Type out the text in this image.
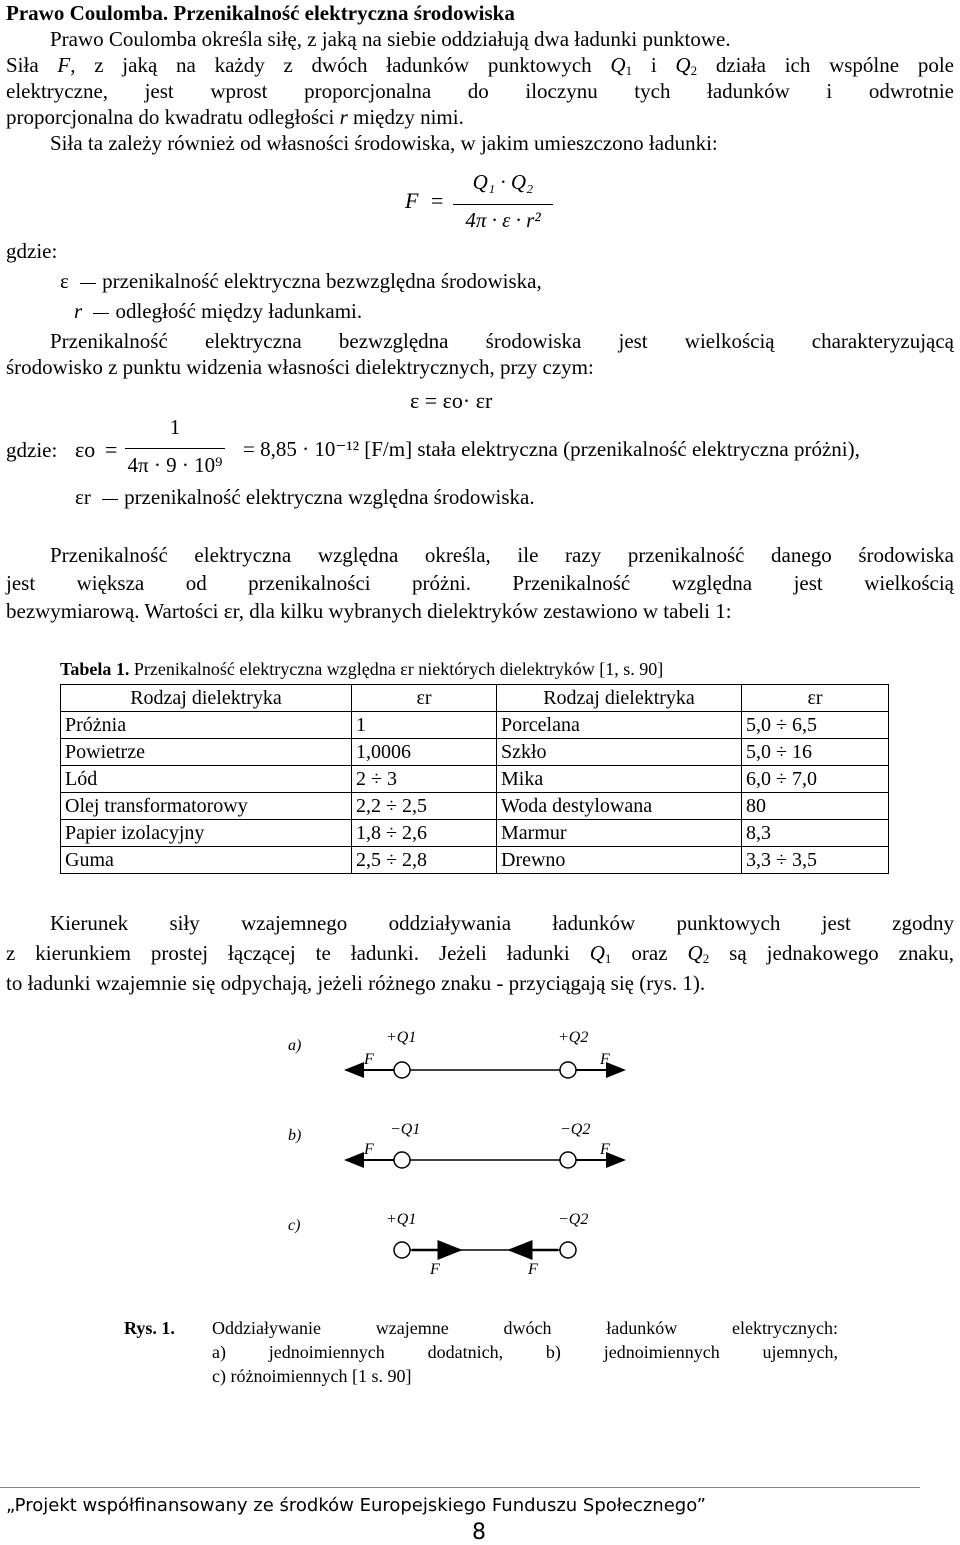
Prawo Coulomba. Przenikalność elektryczna środowiska
Prawo Coulomba określa siłę, z jaką na siebie oddziałują dwa ładunki punktowe.
Siła F, z jaką na każdy z dwóch ładunków punktowych $Q_1$ i $Q_2$ działa ich wspólne pole
elektryczne, jest wprost proporcjonalna do iloczynu tych ładunków i odwrotnie
proporcjonalna do kwadratu odległości r między nimi.
Siła ta zależy również od własności środowiska, w jakim umieszczono ładunki:
F =
Q₁ · Q₂
4π · ε · r²
gdzie:
ε przenikalność elektryczna bezwzględna środowiska,
r odległość między ładunkami.
Przenikalność elektryczna bezwzględna środowiska jest wielkością charakteryzującą
środowisko z punktu widzenia własności dielektrycznych, przy czym:
ε = εo· εr
gdzie: εo =
1
4π · 9 · 10⁹
= 8,85 · 10⁻¹² [F/m] stała elektryczna (przenikalność elektryczna próżni),
εr przenikalność elektryczna względna środowiska.
Przenikalność elektryczna względna określa, ile razy przenikalność danego środowiska
jest większa od przenikalności próżni. Przenikalność względna jest wielkością
bezwymiarową. Wartości εr, dla kilku wybranych dielektryków zestawiono w tabeli 1:
Tabela 1. Przenikalność elektryczna względna εr niektórych dielektryków [1, s. 90]
Rodzaj dielektryka	εr	Rodzaj dielektryka	εr
Próżnia	1	Porcelana	5,0 ÷ 6,5
Powietrze	1,0006	Szkło	5,0 ÷ 16
Lód	2 ÷ 3	Mika	6,0 ÷ 7,0
Olej transformatorowy	2,2 ÷ 2,5	Woda destylowana	80
Papier izolacyjny	1,8 ÷ 2,6	Marmur	8,3
Guma	2,5 ÷ 2,8	Drewno	3,3 ÷ 3,5
Kierunek siły wzajemnego oddziaływania ładunków punktowych jest zgodny
z kierunkiem prostej łączącej te ładunki. Jeżeli ładunki $Q_1$ oraz $Q_2$ są jednakowego znaku,
to ładunki wzajemnie się odpychają, jeżeli różnego znaku - przyciągają się (rys. 1).
a)	+Q1	+Q2
F	F
b)	−Q1	−Q2
F	F
c)	+Q1	−Q2
F	F
Rys. 1. Oddziaływanie wzajemne dwóch ładunków elektrycznych:
a) jednoimiennych dodatnich, b) jednoimiennych ujemnych,
c) różnoimiennych [1 s. 90]
„Projekt współfinansowany ze środków Europejskiego Funduszu Społecznego”
8
